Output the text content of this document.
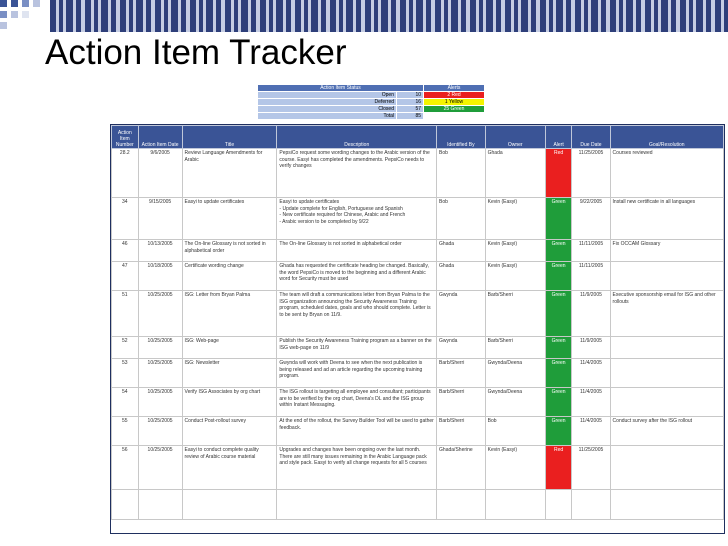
Action Item Tracker
Action Item Status		Alerts
Open	10	2 Red
Deferred	16	1 Yellow
Closed	57	25 Green
Total	85	
Action Item Number	Action Item Date	Title	Description	Identified By	Owner	Alert	Due Date	Goal/Resolution
28.2	9/6/2005	Review Language Amendments for Arabic	PepsiCo request some wording changes to the Arabic version of the course. Easyi has completed the amendments. PepsiCo needs to verify changes	Bob	Ghada	Red	11/25/2005	Courses reviewed
34	9/15/2005	Easyi to update certificates	Easyi to update certificates
- Update complete for English, Portuguese and Spanish
- New certificate required for Chinese, Arabic and French
- Arabic version to be completed by 9/22	Bob	Kevin (Easyi)	Green	9/22/2005	Install new certificate in all languages
46	10/13/2005	The On-line Glossary is not sorted in alphabetical order	The On-line Glossary is not sorted in alphabetical order	Ghada	Kevin (Easyi)	Green	11/11/2005	Fix OCCAM Glossary
47	10/18/2005	Certificate wording change	Ghada has requested the certificate heading be changed. Basically, the word PepsiCo is moved to the beginning and a different Arabic word for Security must be used	Ghada	Kevin (Easyi)	Green	11/11/2005	
51	10/25/2005	ISG: Letter from Bryan Palma	The team will draft a communications letter from Bryan Palma to the ISG organization announcing the Security Awareness Training program, scheduled dates, goals and who should complete. Letter is to be sent by Bryan on 11/9.	Gwynda	Barb/Sherri	Green	11/9/2005	Executive sponsorship email for ISG and other rollouts
52	10/25/2005	ISG: Web-page	Publish the Security Awareness Training program as a banner on the ISG web-page on 11/9	Gwynda	Barb/Sherri	Green	11/9/2005	
53	10/25/2005	ISG: Newsletter	Gwynda will work with Deena to see when the next publication is being released and ad an article regarding the upcoming training program.	Barb/Sherri	Gwynda/Deena	Green	11/4/2005	
54	10/25/2005	Verify ISG Associates by org chart	The ISG rollout is targeting all employee and consultant; participants are to be verified by the org chart, Deena's DL and the ISG group within Instant Messaging.	Barb/Sherri	Gwynda/Deena	Green	11/4/2005	
55	10/25/2005	Conduct Post-rollout survey	At the end of the rollout, the Survey Builder Tool will be used to gather feedback.	Barb/Sherri	Bob	Green	11/4/2005	Conduct survey after the ISG rollout
56	10/25/2005	Easyi to conduct complete quality review of Arabic course material	Upgrades and changes have been ongoing over the last month. There are still many issues remaining in the Arabic Language pack and style pack. Easyi to verify all change requests for all 5 courses	Ghada/Sherine	Kevin (Easyi)	Red	11/25/2005	
